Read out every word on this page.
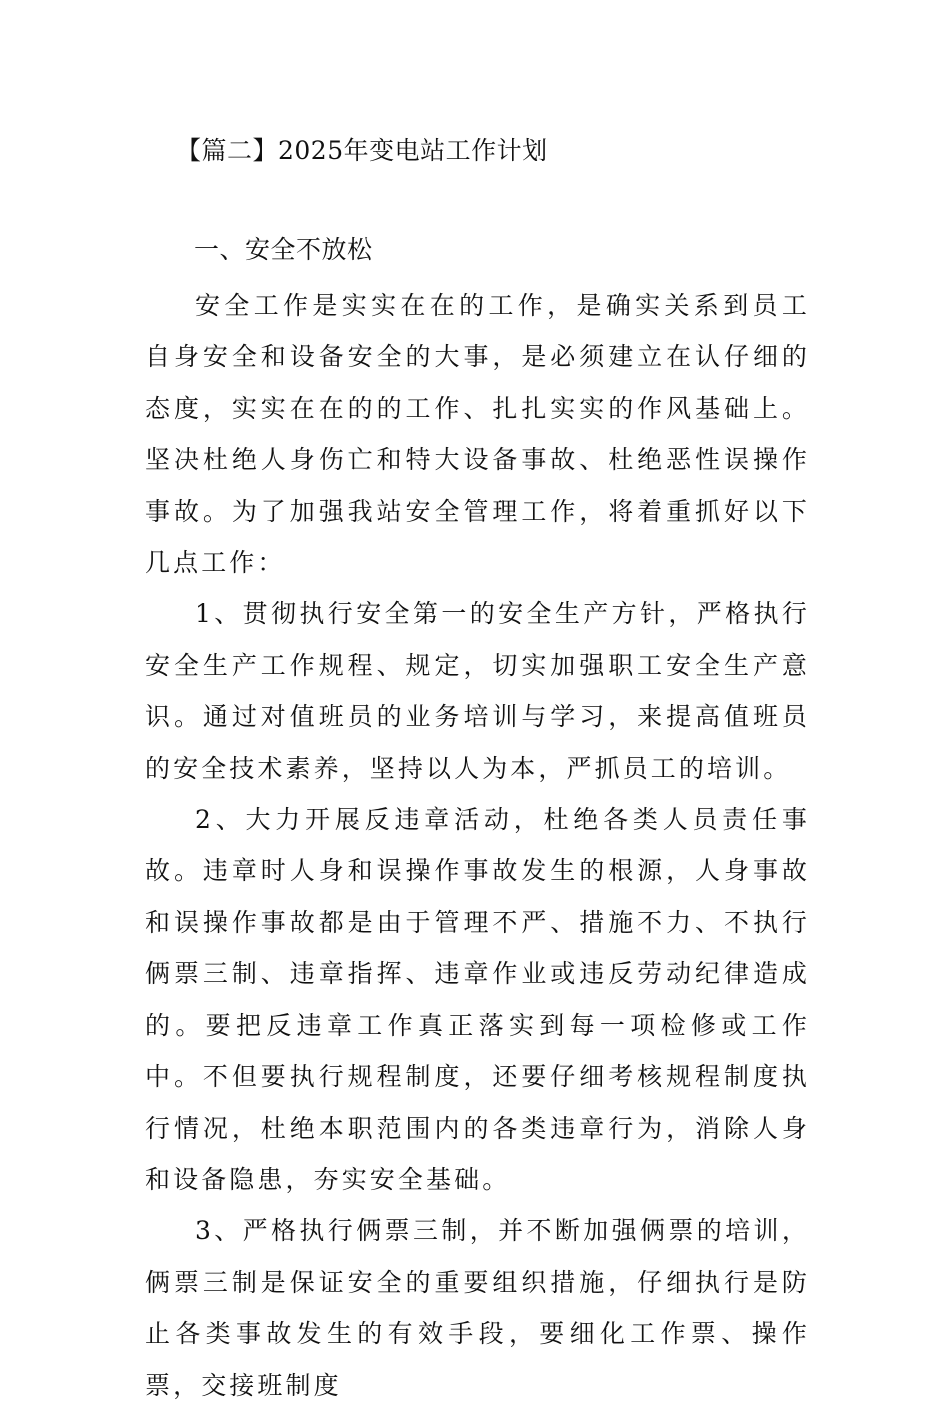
【篇二】2025年变电站工作计划
一、安全不放松

安全工作是实实在在的工作，是确实关系到员工自身安全和设备安全的大事，是必须建立在认仔细的态度，实实在在的的工作、扎扎实实的作风基础上。坚决杜绝人身伤亡和特大设备事故、杜绝恶性误操作事故。为了加强我站安全管理工作，将着重抓好以下几点工作：

1、贯彻执行安全第一的安全生产方针，严格执行安全生产工作规程、规定，切实加强职工安全生产意识。通过对值班员的业务培训与学习，来提高值班员的安全技术素养，坚持以人为本，严抓员工的培训。

2、大力开展反违章活动，杜绝各类人员责任事故。违章时人身和误操作事故发生的根源，人身事故和误操作事故都是由于管理不严、措施不力、不执行俩票三制、违章指挥、违章作业或违反劳动纪律造成的。要把反违章工作真正落实到每一项检修或工作中。不但要执行规程制度，还要仔细考核规程制度执行情况，杜绝本职范围内的各类违章行为，消除人身和设备隐患，夯实安全基础。

3、严格执行俩票三制，并不断加强俩票的培训，俩票三制是保证安全的重要组织措施，仔细执行是防止各类事故发生的有效手段，要细化工作票、操作票，交接班制度
